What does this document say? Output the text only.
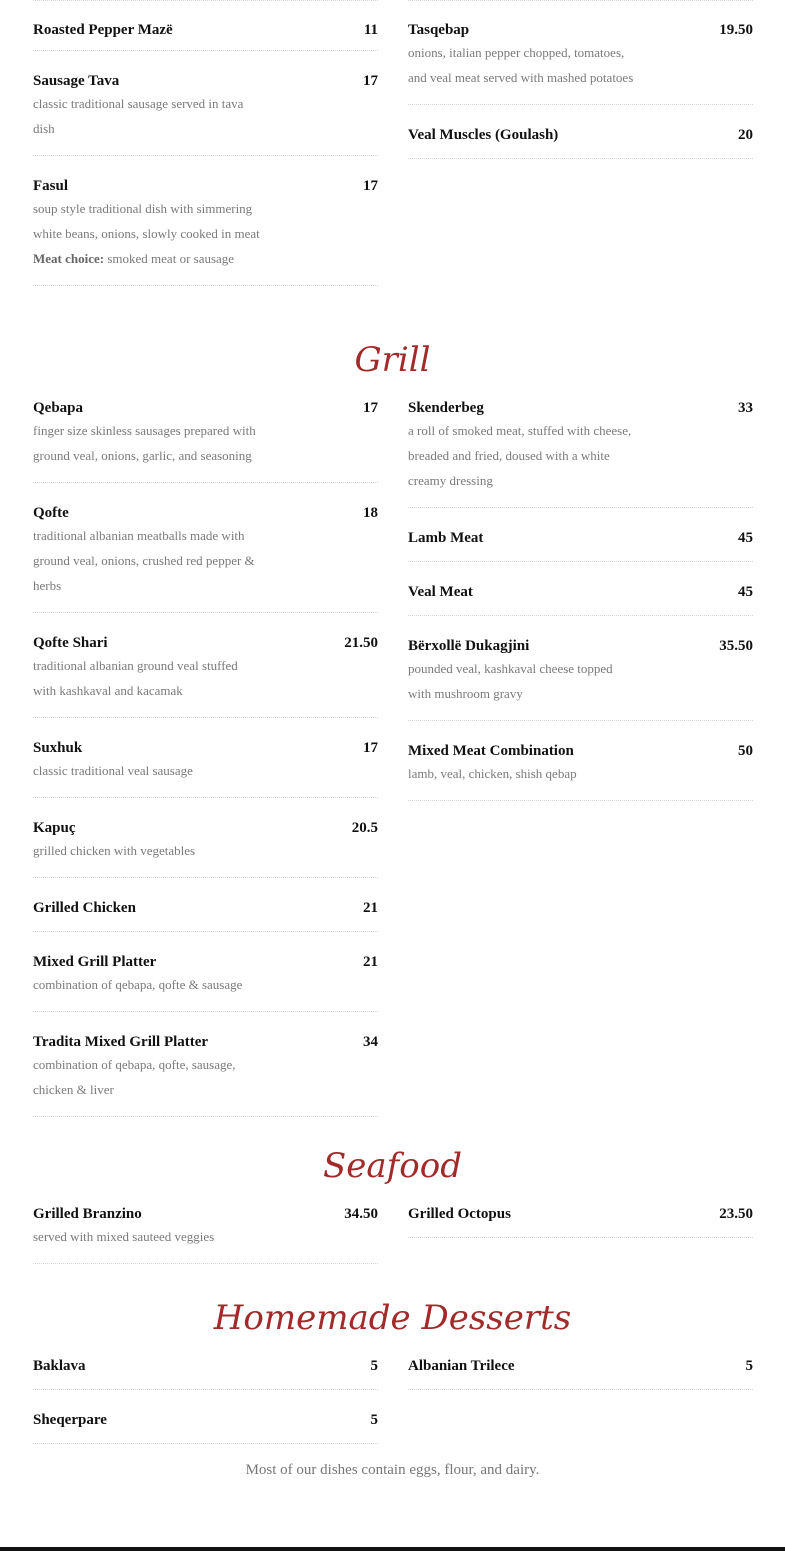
Roasted Pepper Mazë	11
Sausage Tava	17
classic traditional sausage served in tava dish
Fasul	17
soup style traditional dish with simmering white beans, onions, slowly cooked in meat
Meat choice: smoked meat or sausage
Tasqebap	19.50
onions, italian pepper chopped, tomatoes, and veal meat served with mashed potatoes
Veal Muscles (Goulash)	20
Grill
Qebapa	17
finger size skinless sausages prepared with ground veal, onions, garlic, and seasoning
Qofte	18
traditional albanian meatballs made with ground veal, onions, crushed red pepper & herbs
Qofte Shari	21.50
traditional albanian ground veal stuffed with kashkaval and kacamak
Suxhuk	17
classic traditional veal sausage
Kapuç	20.5
grilled chicken with vegetables
Grilled Chicken	21
Mixed Grill Platter	21
combination of qebapa, qofte & sausage
Tradita Mixed Grill Platter	34
combination of qebapa, qofte, sausage, chicken & liver
Skenderbeg	33
a roll of smoked meat, stuffed with cheese, breaded and fried, doused with a white creamy dressing
Lamb Meat	45
Veal Meat	45
Bërxollë Dukagjini	35.50
pounded veal, kashkaval cheese topped with mushroom gravy
Mixed Meat Combination	50
lamb, veal, chicken, shish qebap
Seafood
Grilled Branzino	34.50
served with mixed sauteed veggies
Grilled Octopus	23.50
Homemade Desserts
Baklava	5
Sheqerpare	5
Albanian Trilece	5
Most of our dishes contain eggs, flour, and dairy.
